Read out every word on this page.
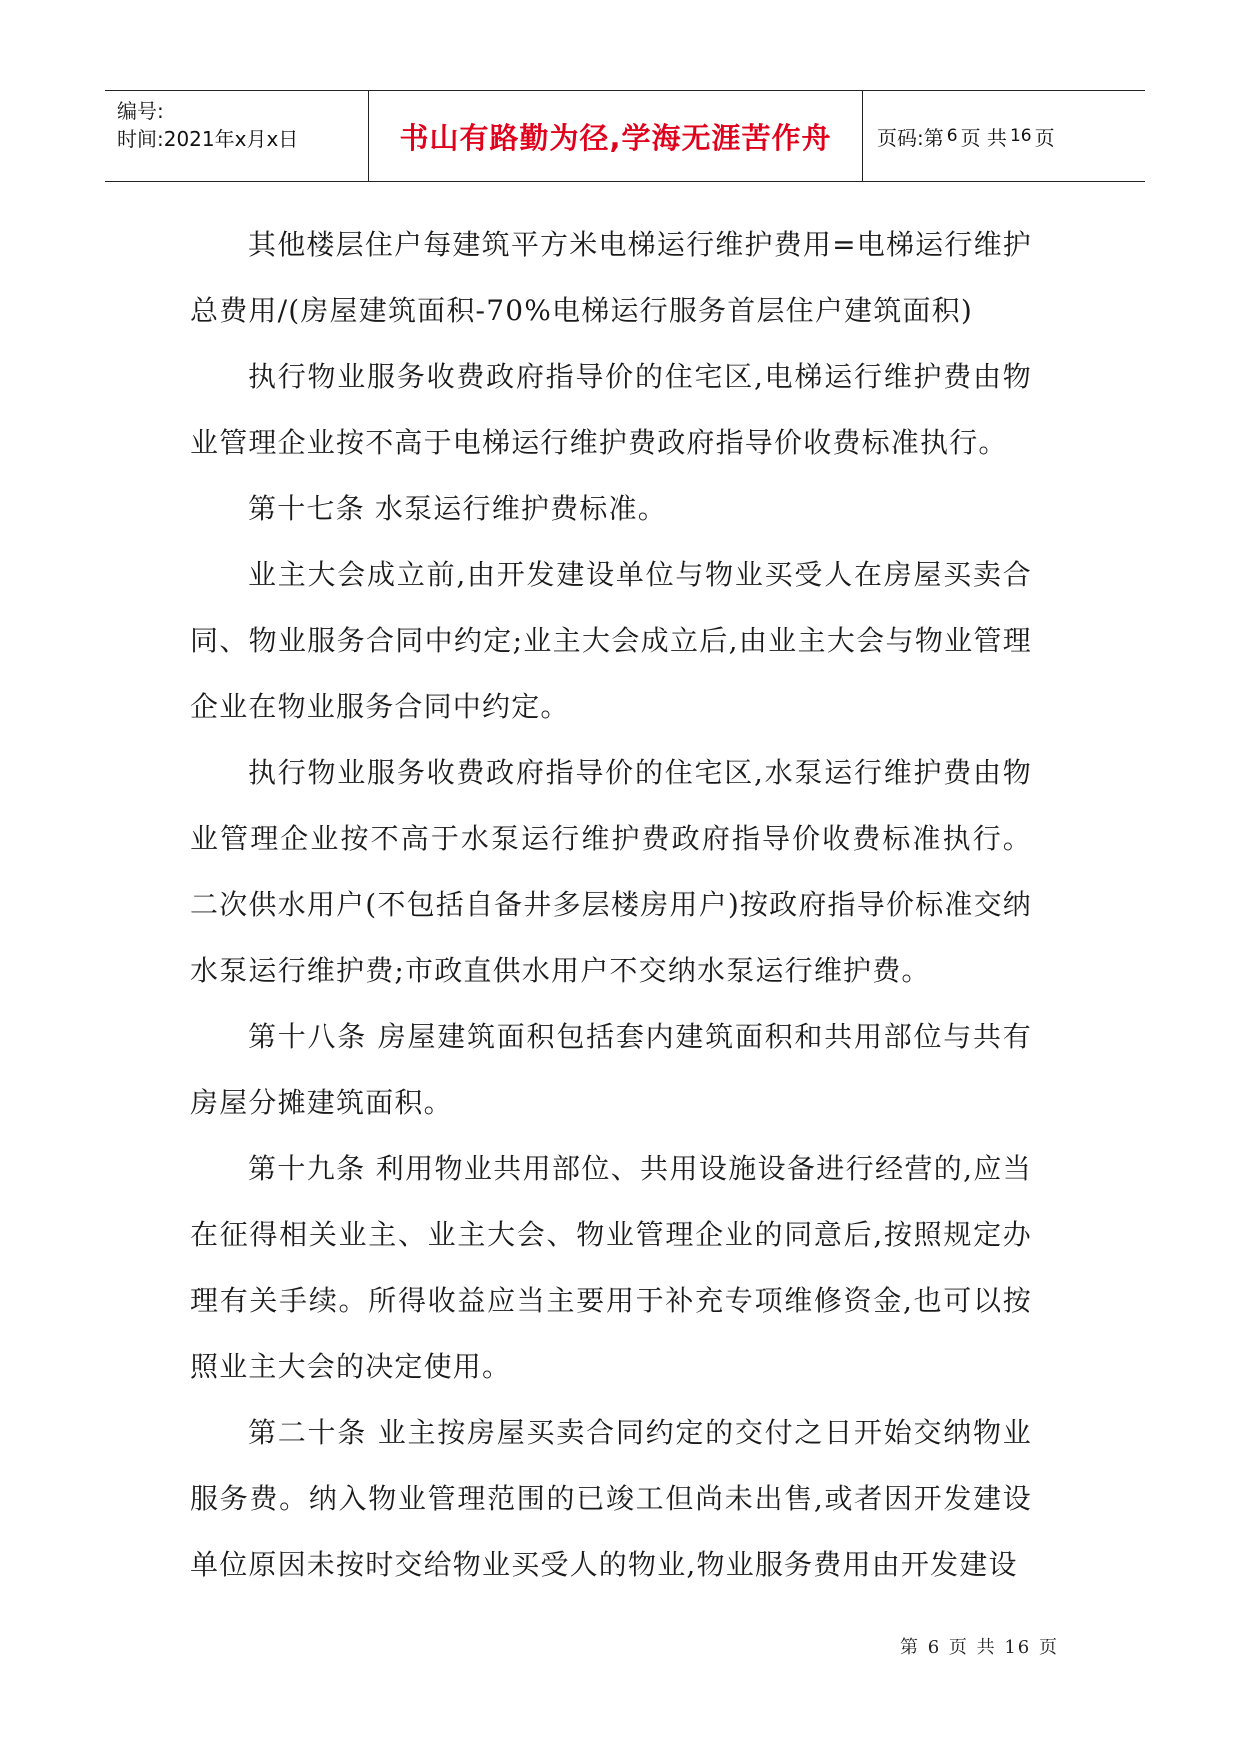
编号:
时间:2021年x月x日	书山有路勤为径,学海无涯苦作舟 页码:第 6 页 共 16 页

其他楼层住户每建筑平方米电梯运行维护费用=电梯运行维护总费用/(房屋建筑面积-70%电梯运行服务首层住户建筑面积)

执行物业服务收费政府指导价的住宅区,电梯运行维护费由物业管理企业按不高于电梯运行维护费政府指导价收费标准执行。

第十七条 水泵运行维护费标准。

业主大会成立前,由开发建设单位与物业买受人在房屋买卖合同、物业服务合同中约定;业主大会成立后,由业主大会与物业管理企业在物业服务合同中约定。

执行物业服务收费政府指导价的住宅区,水泵运行维护费由物业管理企业按不高于水泵运行维护费政府指导价收费标准执行。二次供水用户(不包括自备井多层楼房用户)按政府指导价标准交纳水泵运行维护费;市政直供水用户不交纳水泵运行维护费。

第十八条 房屋建筑面积包括套内建筑面积和共用部位与共有房屋分摊建筑面积。

第十九条 利用物业共用部位、共用设施设备进行经营的,应当在征得相关业主、业主大会、物业管理企业的同意后,按照规定办理有关手续。所得收益应当主要用于补充专项维修资金,也可以按照业主大会的决定使用。

第二十条 业主按房屋买卖合同约定的交付之日开始交纳物业服务费。纳入物业管理范围的已竣工但尚未出售,或者因开发建设单位原因未按时交给物业买受人的物业,物业服务费用由开发建设

第 6 页 共 16 页
